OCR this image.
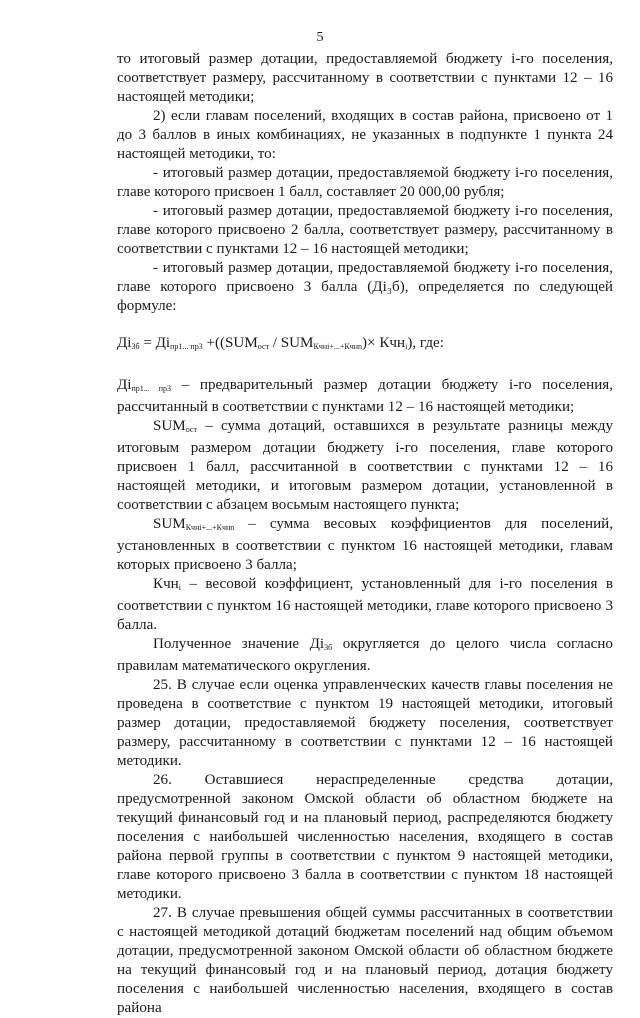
5

то итоговый размер дотации, предоставляемой бюджету i-го поселения, соответствует размеру, рассчитанному в соответствии с пунктами 12 – 16 настоящей методики;

2) если главам поселений, входящих в состав района, присвоено от 1 до 3 баллов в иных комбинациях, не указанных в подпункте 1 пункта 24 настоящей методики, то:

- итоговый размер дотации, предоставляемой бюджету i-го поселения, главе которого присвоен 1 балл, составляет 20 000,00 рубля;

- итоговый размер дотации, предоставляемой бюджету i-го поселения, главе которого присвоено 2 балла, соответствует размеру, рассчитанному в соответствии с пунктами 12 – 16 настоящей методики;

- итоговый размер дотации, предоставляемой бюджету i-го поселения, главе которого присвоено 3 балла (Дi₃б), определяется по следующей формуле:

$Дi_{3б} = Дi_{пр1... пр3} +((SUM_{ост} / SUM_{Кчнi+...+Кчнn})\times Кчн_i)$, где:

$Дi_{пр1... пр3}$ – предварительный размер дотации бюджету i-го поселения, рассчитанный в соответствии с пунктами 12 – 16 настоящей методики;

$SUM_{ост}$ – сумма дотаций, оставшихся в результате разницы между итоговым размером дотации бюджету i-го поселения, главе которого присвоен 1 балл, рассчитанной в соответствии с пунктами 12 – 16 настоящей методики, и итоговым размером дотации, установленной в соответствии с абзацем восьмым настоящего пункта;

$SUM_{Кчнi+...+Кчнn}$ – сумма весовых коэффициентов для поселений, установленных в соответствии с пунктом 16 настоящей методики, главам которых присвоено 3 балла;

Кчн$_i$ – весовой коэффициент, установленный для i-го поселения в соответствии с пунктом 16 настоящей методики, главе которого присвоено 3 балла.

Полученное значение $Дi_{3б}$ округляется до целого числа согласно правилам математического округления.

25. В случае если оценка управленческих качеств главы поселения не проведена в соответствие с пунктом 19 настоящей методики, итоговый размер дотации, предоставляемой бюджету поселения, соответствует размеру, рассчитанному в соответствии с пунктами 12 – 16 настоящей методики.

26. Оставшиеся нераспределенные средства дотации, предусмотренной законом Омской области об областном бюджете на текущий финансовый год и на плановый период, распределяются бюджету поселения с наибольшей численностью населения, входящего в состав района первой группы в соответствии с пунктом 9 настоящей методики, главе которого присвоено 3 балла в соответствии с пунктом 18 настоящей методики.

27. В случае превышения общей суммы рассчитанных в соответствии с настоящей методикой дотаций бюджетам поселений над общим объемом дотации, предусмотренной законом Омской области об областном бюджете на текущий финансовый год и на плановый период, дотация бюджету поселения с наибольшей численностью населения, входящего в состав района
